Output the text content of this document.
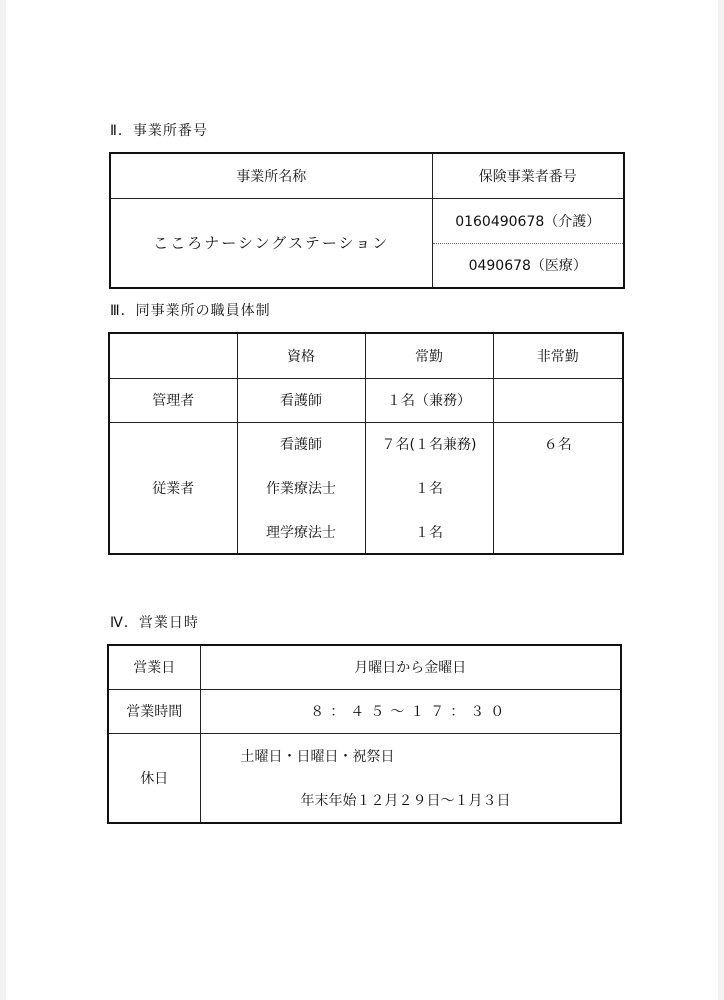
Ⅱ．事業所番号
事業所名称	保険事業者番号
こころナーシングステーション	0160490678（介護）
	0490678（医療）
Ⅲ．同事業所の職員体制
	資格	常勤	非常勤
管理者	看護師	１名（兼務）	
従業者	看護師	７名(１名兼務)	６名
	作業療法士	１名	
	理学療法士	１名	
Ⅳ．営業日時
営業日	月曜日から金曜日
営業時間	８：４５〜１７：３０
休日	土曜日・日曜日・祝祭日
	年末年始１２月２９日〜１月３日
